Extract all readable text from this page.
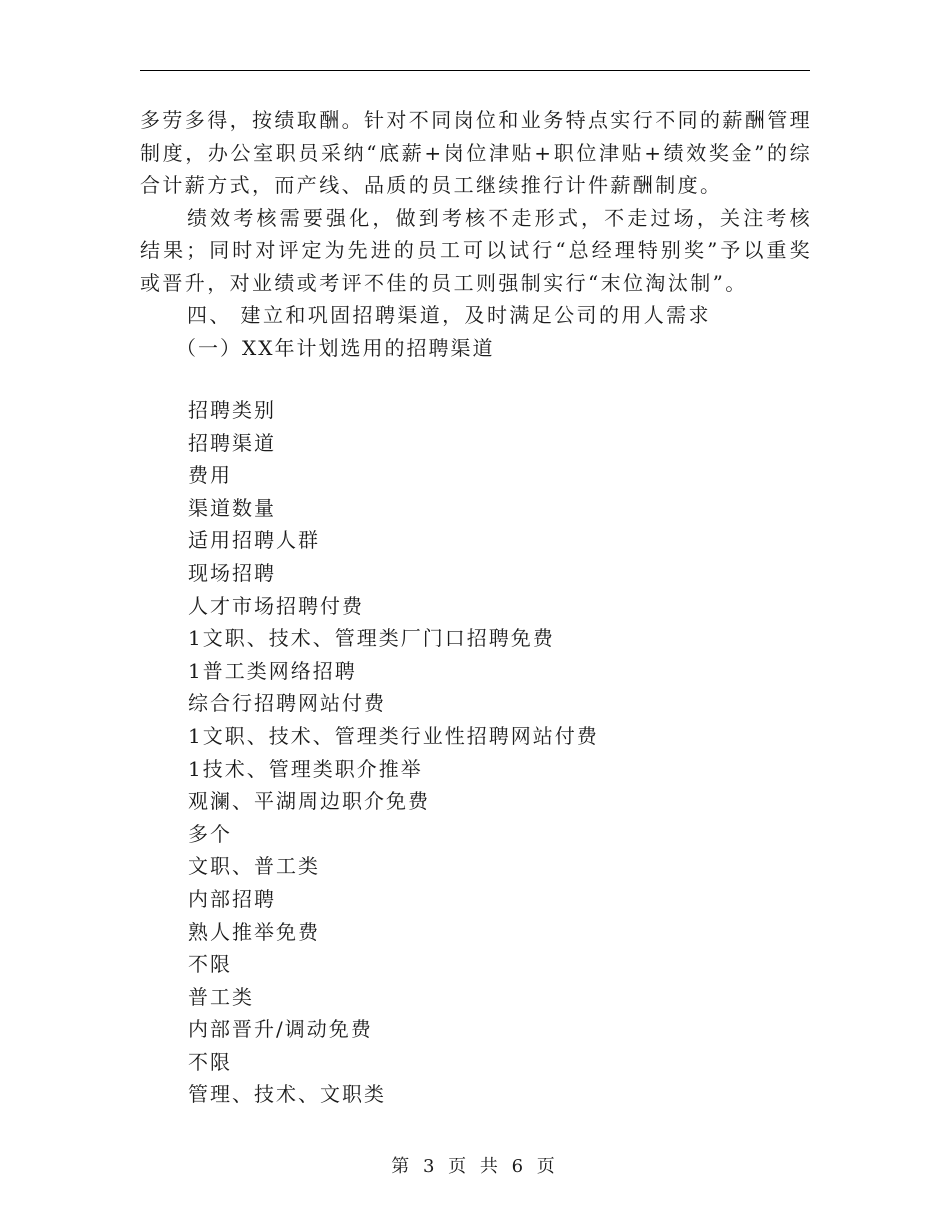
多劳多得，按绩取酬。针对不同岗位和业务特点实行不同的薪酬管理制度，办公室职员采纳“底薪+岗位津贴+职位津贴+绩效奖金”的综合计薪方式，而产线、品质的员工继续推行计件薪酬制度。

绩效考核需要强化，做到考核不走形式，不走过场，关注考核结果；同时对评定为先进的员工可以试行“总经理特别奖”予以重奖或晋升，对业绩或考评不佳的员工则强制实行“末位淘汰制”。

四、 建立和巩固招聘渠道，及时满足公司的用人需求

（一）XX年计划选用的招聘渠道

招聘类别
招聘渠道
费用
渠道数量
适用招聘人群
现场招聘
人才市场招聘付费
1文职、技术、管理类厂门口招聘免费
1普工类网络招聘
综合行招聘网站付费
1文职、技术、管理类行业性招聘网站付费
1技术、管理类职介推举
观澜、平湖周边职介免费
多个
文职、普工类
内部招聘
熟人推举免费
不限
普工类
内部晋升/调动免费
不限
管理、技术、文职类
第 3 页 共 6 页
